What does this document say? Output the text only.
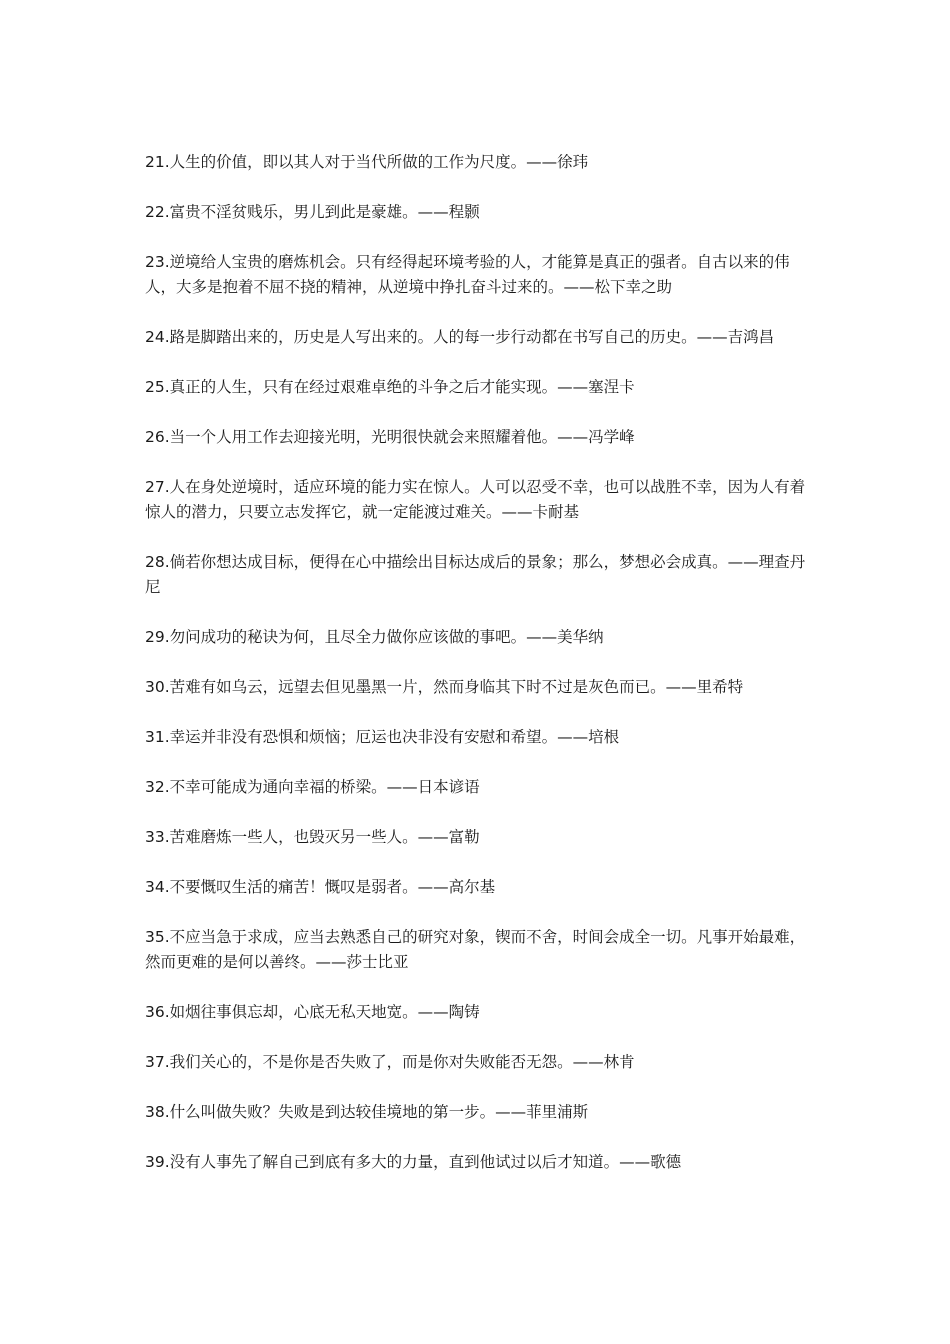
21.人生的价值，即以其人对于当代所做的工作为尺度。——徐玮
22.富贵不淫贫贱乐，男儿到此是豪雄。——程颢
23.逆境给人宝贵的磨炼机会。只有经得起环境考验的人，才能算是真正的强者。自古以来的伟人，大多是抱着不屈不挠的精神，从逆境中挣扎奋斗过来的。——松下幸之助
24.路是脚踏出来的，历史是人写出来的。人的每一步行动都在书写自己的历史。——吉鸿昌
25.真正的人生，只有在经过艰难卓绝的斗争之后才能实现。——塞涅卡
26.当一个人用工作去迎接光明，光明很快就会来照耀着他。——冯学峰
27.人在身处逆境时，适应环境的能力实在惊人。人可以忍受不幸，也可以战胜不幸，因为人有着惊人的潜力，只要立志发挥它，就一定能渡过难关。——卡耐基
28.倘若你想达成目标，便得在心中描绘出目标达成后的景象；那么，梦想必会成真。——理查丹尼
29.勿问成功的秘诀为何，且尽全力做你应该做的事吧。——美华纳
30.苦难有如乌云，远望去但见墨黑一片，然而身临其下时不过是灰色而已。——里希特
31.幸运并非没有恐惧和烦恼；厄运也决非没有安慰和希望。——培根
32.不幸可能成为通向幸福的桥梁。——日本谚语
33.苦难磨炼一些人，也毁灭另一些人。——富勒
34.不要慨叹生活的痛苦！慨叹是弱者。——高尔基
35.不应当急于求成，应当去熟悉自己的研究对象，锲而不舍，时间会成全一切。凡事开始最难，然而更难的是何以善终。——莎士比亚
36.如烟往事俱忘却，心底无私天地宽。——陶铸
37.我们关心的，不是你是否失败了，而是你对失败能否无怨。——林肯
38.什么叫做失败？失败是到达较佳境地的第一步。——菲里浦斯
39.没有人事先了解自己到底有多大的力量，直到他试过以后才知道。——歌德
